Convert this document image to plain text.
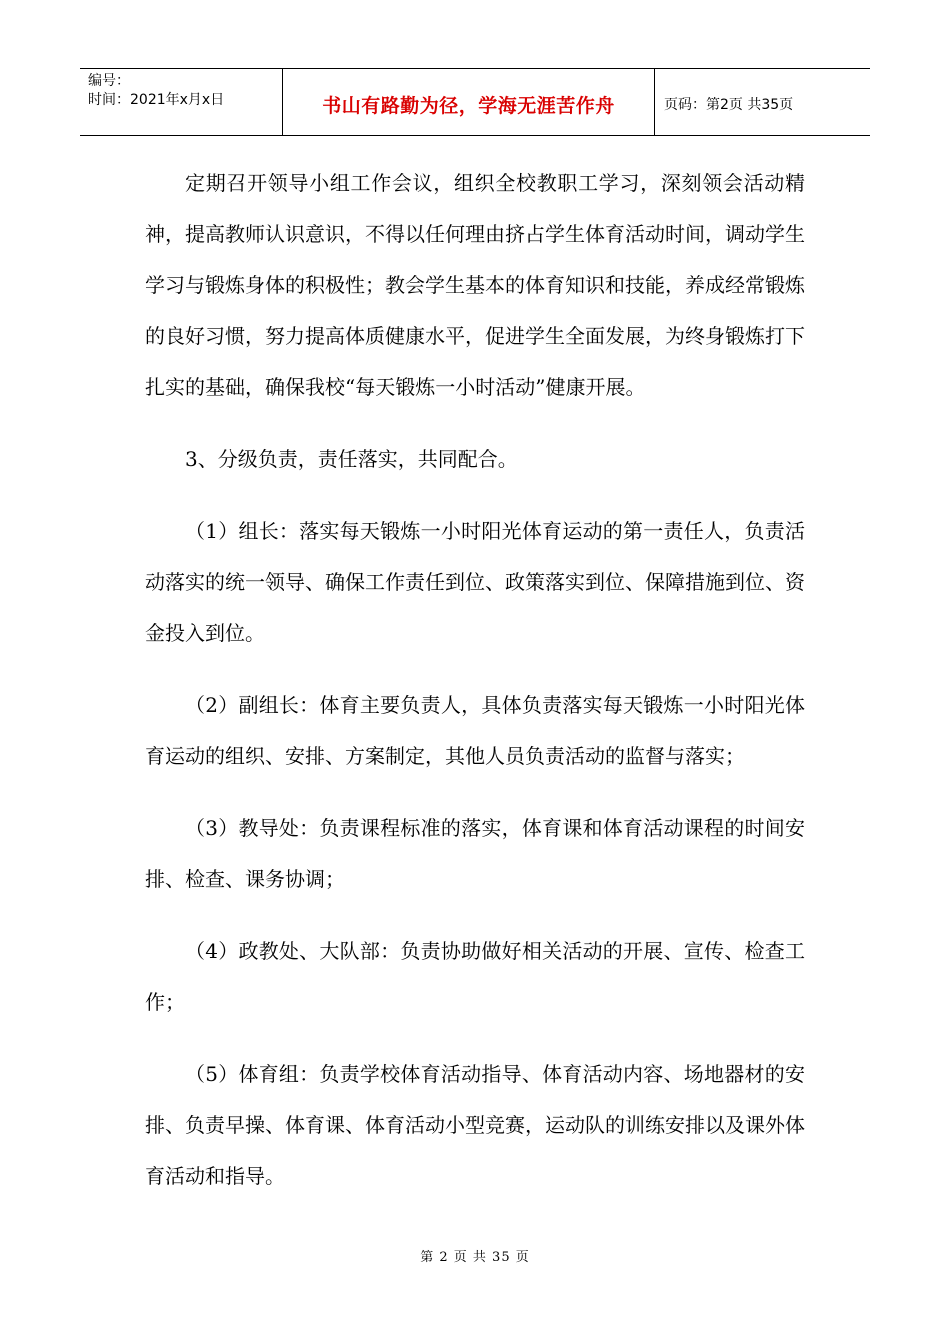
编号：
时间：2021年x月x日	书山有路勤为径，学海无涯苦作舟	页码：第2页 共35页

定期召开领导小组工作会议，组织全校教职工学习，深刻领会活动精神，提高教师认识意识，不得以任何理由挤占学生体育活动时间，调动学生学习与锻炼身体的积极性；教会学生基本的体育知识和技能，养成经常锻炼的良好习惯，努力提高体质健康水平，促进学生全面发展，为终身锻炼打下扎实的基础，确保我校“每天锻炼一小时活动”健康开展。

3、分级负责，责任落实，共同配合。

（1）组长：落实每天锻炼一小时阳光体育运动的第一责任人，负责活动落实的统一领导、确保工作责任到位、政策落实到位、保障措施到位、资金投入到位。

（2）副组长：体育主要负责人，具体负责落实每天锻炼一小时阳光体育运动的组织、安排、方案制定，其他人员负责活动的监督与落实；

（3）教导处：负责课程标准的落实，体育课和体育活动课程的时间安排、检查、课务协调；

（4）政教处、大队部：负责协助做好相关活动的开展、宣传、检查工作；

（5）体育组：负责学校体育活动指导、体育活动内容、场地器材的安排、负责早操、体育课、体育活动小型竞赛，运动队的训练安排以及课外体育活动和指导。

第 2 页 共 35 页
